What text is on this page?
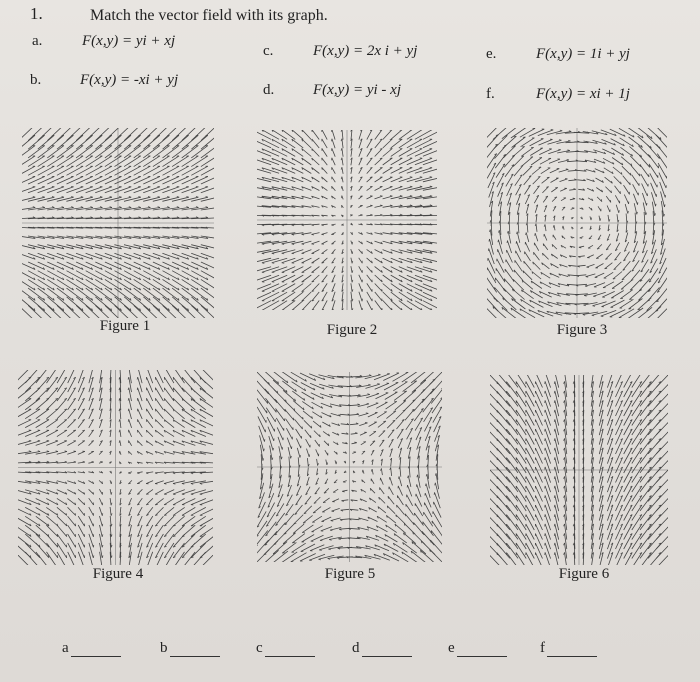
1.	Match the vector field with its graph.
a.	F(x,y) = yi + xj
b.	F(x,y) = -xi + yj
c.	F(x,y) = 2x i + yj
d.	F(x,y) = yi - xj
e.	F(x,y) = 1i + yj
f.	F(x,y) = xi + 1j
Figure 1	Figure 2	Figure 3
Figure 4	Figure 5	Figure 6
a	b	c	d	e	f
